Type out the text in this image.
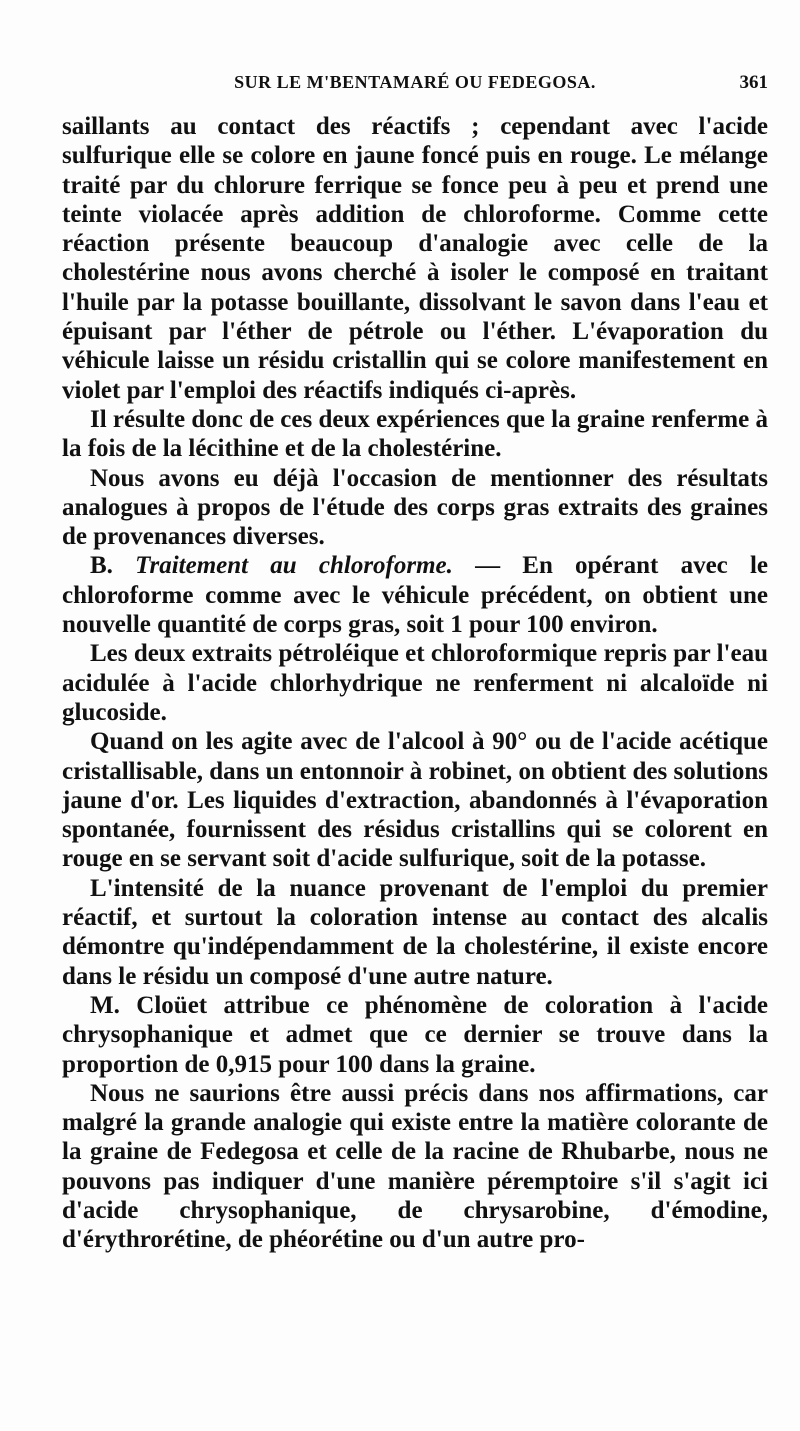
SUR LE M'BENTAMARÉ OU FEDEGOSA.	361

saillants au contact des réactifs ; cependant avec l'acide sulfurique elle se colore en jaune foncé puis en rouge. Le mélange traité par du chlorure ferrique se fonce peu à peu et prend une teinte violacée après addition de chloroforme. Comme cette réaction présente beaucoup d'analogie avec celle de la cholestérine nous avons cherché à isoler le composé en traitant l'huile par la potasse bouillante, dissolvant le savon dans l'eau et épuisant par l'éther de pétrole ou l'éther. L'évaporation du véhicule laisse un résidu cristallin qui se colore manifestement en violet par l'emploi des réactifs indiqués ci-après.

Il résulte donc de ces deux expériences que la graine renferme à la fois de la lécithine et de la cholestérine.

Nous avons eu déjà l'occasion de mentionner des résultats analogues à propos de l'étude des corps gras extraits des graines de provenances diverses.

B. Traitement au chloroforme. — En opérant avec le chloroforme comme avec le véhicule précédent, on obtient une nouvelle quantité de corps gras, soit 1 pour 100 environ.

Les deux extraits pétroléique et chloroformique repris par l'eau acidulée à l'acide chlorhydrique ne renferment ni alcaloïde ni glucoside.

Quand on les agite avec de l'alcool à 90° ou de l'acide acétique cristallisable, dans un entonnoir à robinet, on obtient des solutions jaune d'or. Les liquides d'extraction, abandonnés à l'évaporation spontanée, fournissent des résidus cristallins qui se colorent en rouge en se servant soit d'acide sulfurique, soit de la potasse.

L'intensité de la nuance provenant de l'emploi du premier réactif, et surtout la coloration intense au contact des alcalis démontre qu'indépendamment de la cholestérine, il existe encore dans le résidu un composé d'une autre nature.

M. Cloüet attribue ce phénomène de coloration à l'acide chrysophanique et admet que ce dernier se trouve dans la proportion de 0,915 pour 100 dans la graine.

Nous ne saurions être aussi précis dans nos affirmations, car malgré la grande analogie qui existe entre la matière colorante de la graine de Fedegosa et celle de la racine de Rhubarbe, nous ne pouvons pas indiquer d'une manière péremptoire s'il s'agit ici d'acide chrysophanique, de chrysarobine, d'émodine, d'érythrorétine, de phéorétine ou d'un autre pro-
